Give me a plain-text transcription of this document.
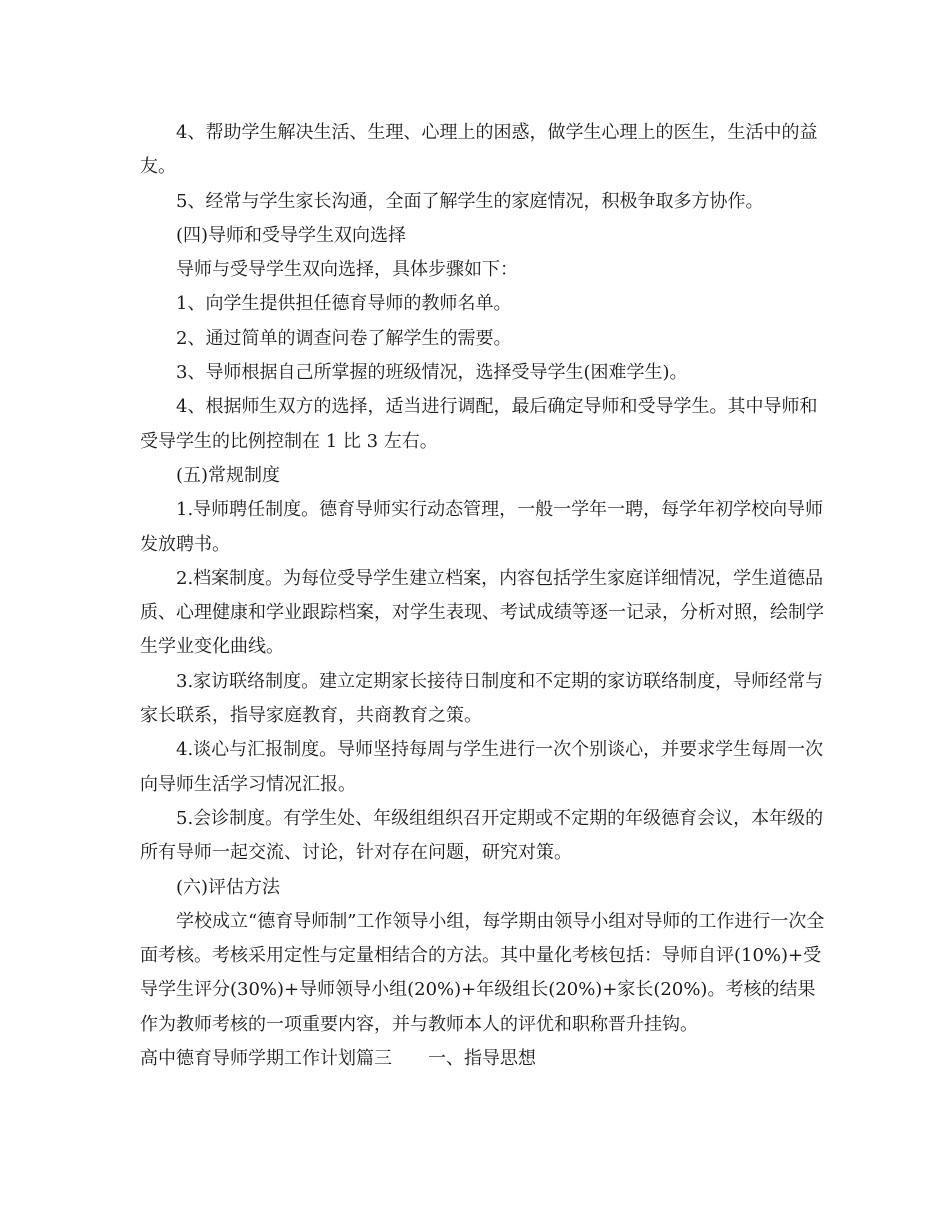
4、帮助学生解决生活、生理、心理上的困惑，做学生心理上的医生，生活中的益友。

5、经常与学生家长沟通，全面了解学生的家庭情况，积极争取多方协作。

(四)导师和受导学生双向选择

导师与受导学生双向选择，具体步骤如下：

1、向学生提供担任德育导师的教师名单。

2、通过简单的调查问卷了解学生的需要。

3、导师根据自己所掌握的班级情况，选择受导学生(困难学生)。

4、根据师生双方的选择，适当进行调配，最后确定导师和受导学生。其中导师和受导学生的比例控制在 1 比 3 左右。

(五)常规制度

1.导师聘任制度。德育导师实行动态管理，一般一学年一聘，每学年初学校向导师发放聘书。

2.档案制度。为每位受导学生建立档案，内容包括学生家庭详细情况，学生道德品质、心理健康和学业跟踪档案，对学生表现、考试成绩等逐一记录，分析对照，绘制学生学业变化曲线。

3.家访联络制度。建立定期家长接待日制度和不定期的家访联络制度，导师经常与家长联系，指导家庭教育，共商教育之策。

4.谈心与汇报制度。导师坚持每周与学生进行一次个别谈心，并要求学生每周一次向导师生活学习情况汇报。

5.会诊制度。有学生处、年级组组织召开定期或不定期的年级德育会议，本年级的所有导师一起交流、讨论，针对存在问题，研究对策。

(六)评估方法

学校成立“德育导师制”工作领导小组，每学期由领导小组对导师的工作进行一次全面考核。考核采用定性与定量相结合的方法。其中量化考核包括：导师自评(10%)+受导学生评分(30%)+导师领导小组(20%)+年级组长(20%)+家长(20%)。考核的结果作为教师考核的一项重要内容，并与教师本人的评优和职称晋升挂钩。

高中德育导师学期工作计划篇三　　一、指导思想
